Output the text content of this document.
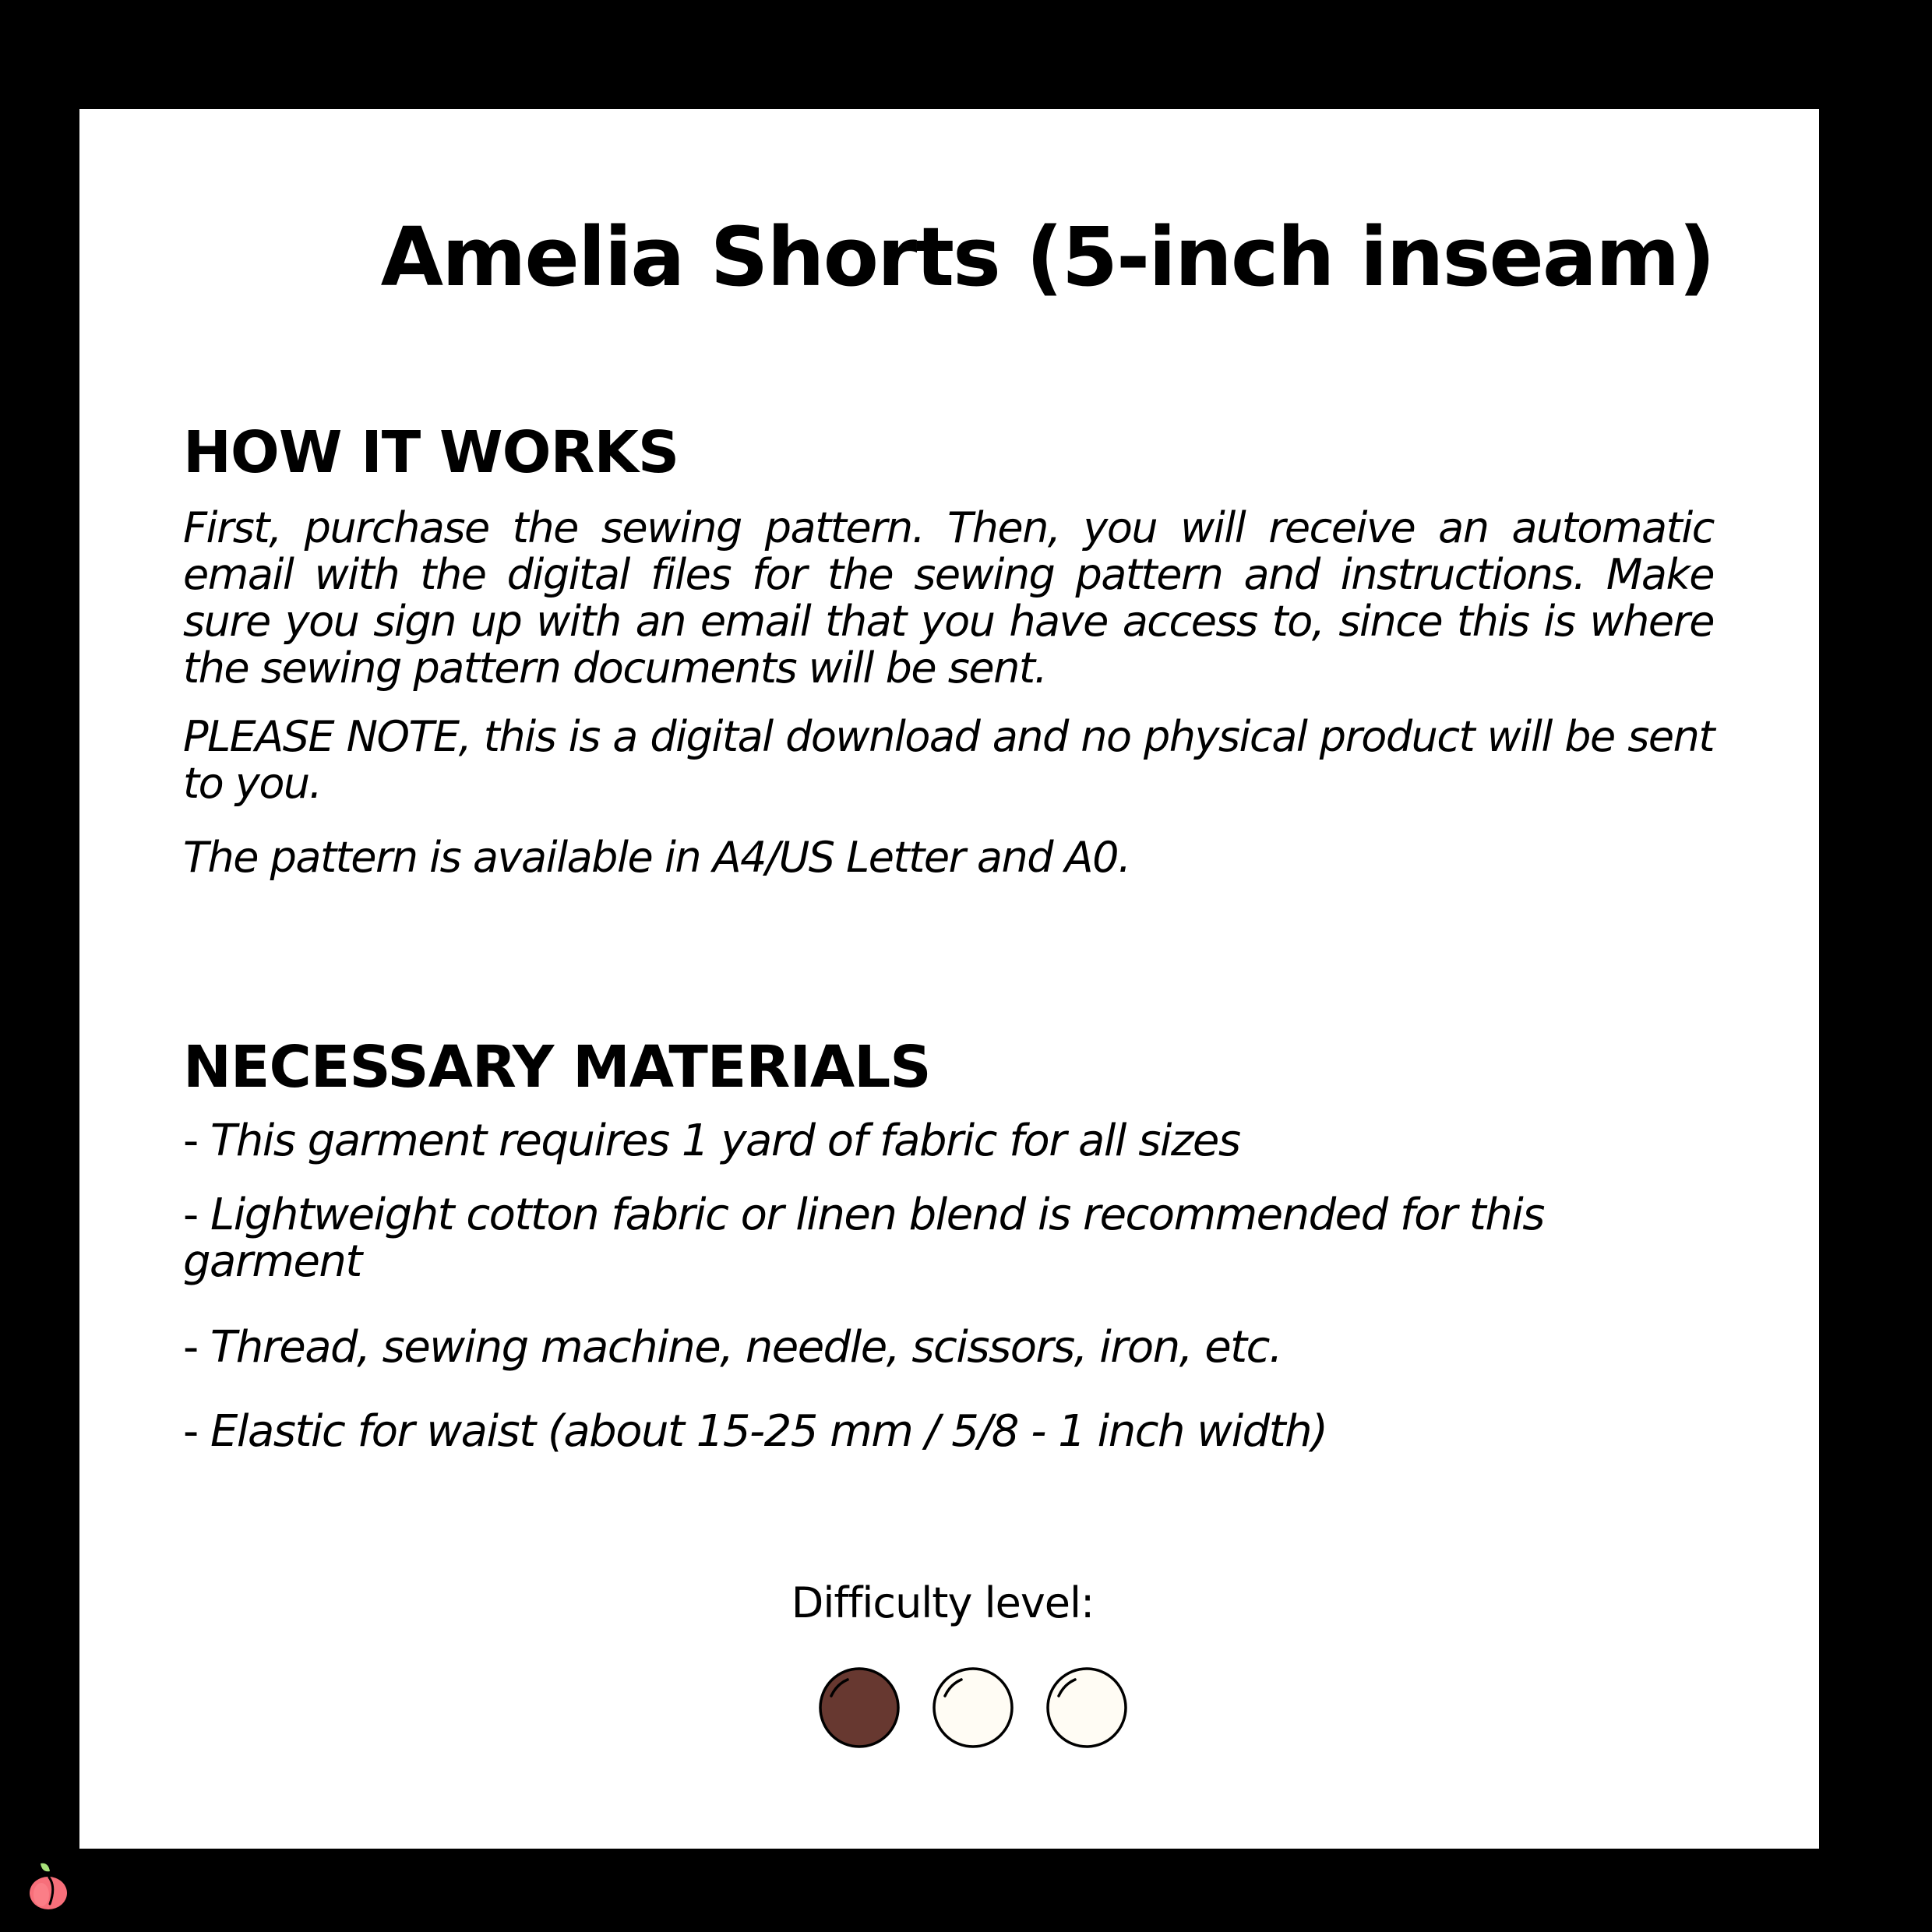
Amelia Shorts (5-inch inseam)
HOW IT WORKS

First, purchase the sewing pattern. Then, you will receive an automatic email with the digital files for the sewing pattern and instructions. Make sure you sign up with an email that you have access to, since this is where the sewing pattern documents will be sent.

PLEASE NOTE, this is a digital download and no physical product will be sent to you.

The pattern is available in A4/US Letter and A0.

NECESSARY MATERIALS
- This garment requires 1 yard of fabric for all sizes
- Lightweight cotton fabric or linen blend is recommended for this garment
- Thread, sewing machine, needle, scissors, iron, etc.
- Elastic for waist (about 15-25 mm / 5/8 - 1 inch width)
Difficulty level:
